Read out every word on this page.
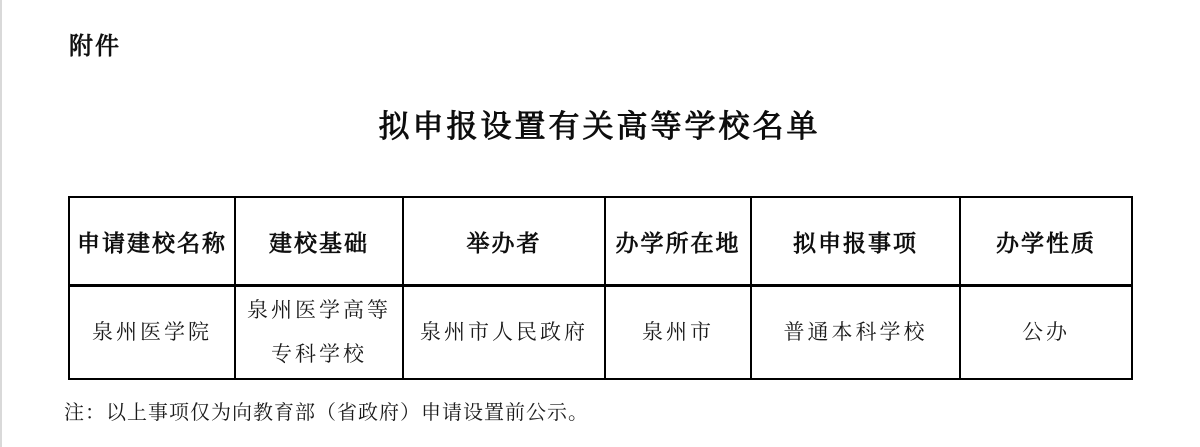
附件
拟申报设置有关高等学校名单
申请建校名称	建校基础	举办者	办学所在地	拟申报事项	办学性质
泉州医学院	泉州医学高等专科学校	泉州市人民政府	泉州市	普通本科学校	公办

注：以上事项仅为向教育部（省政府）申请设置前公示。
